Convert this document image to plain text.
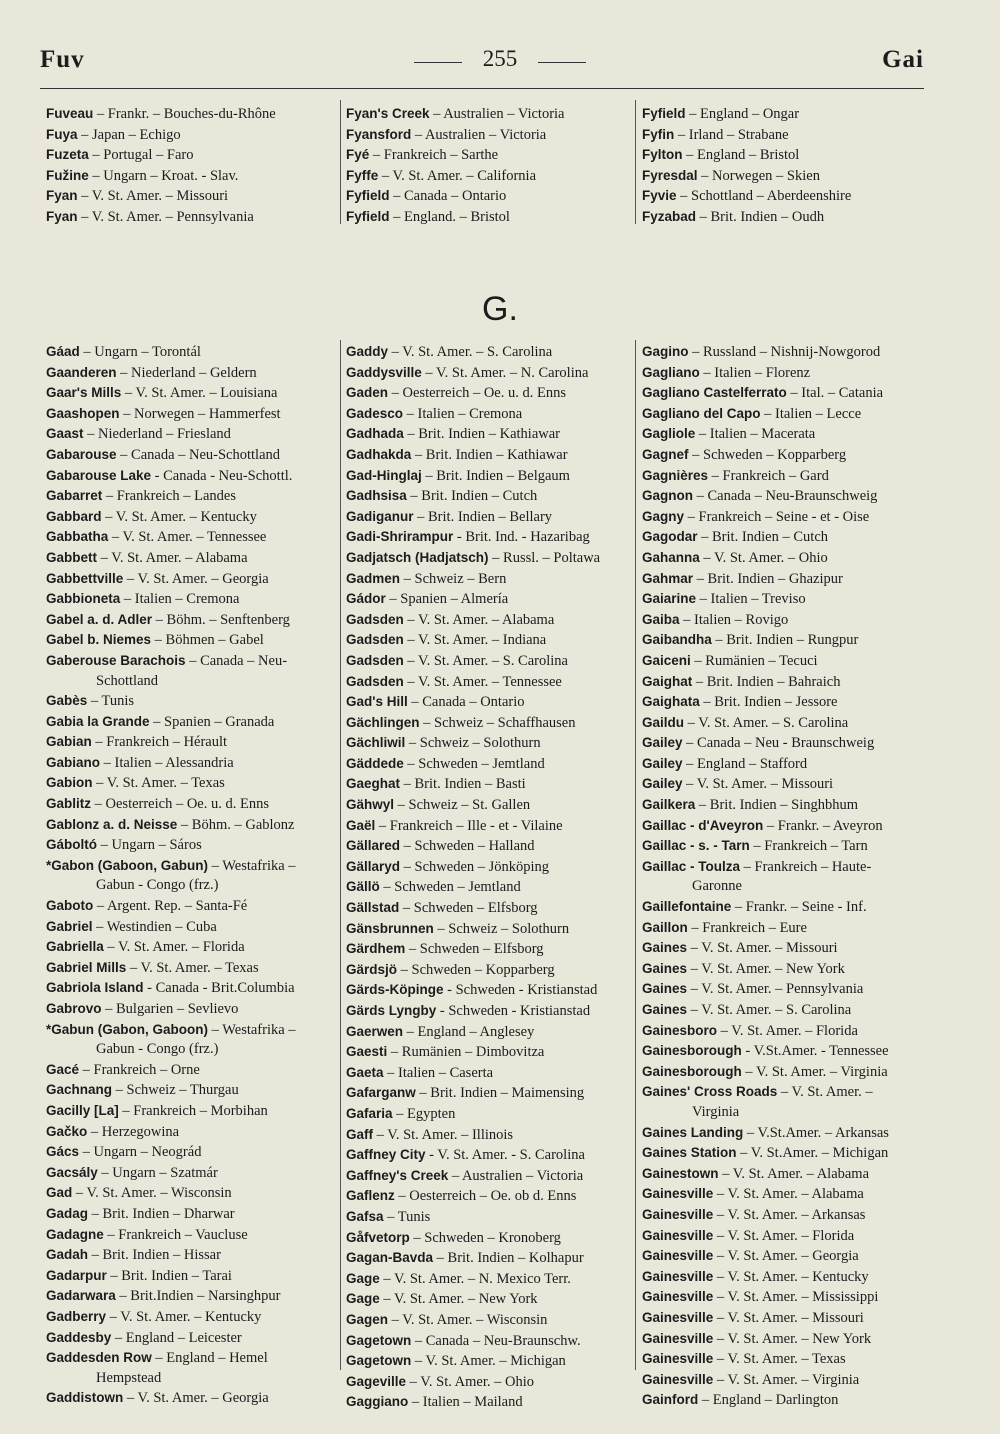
Fuv	255	Gai
Fuveau – Frankr. – Bouches-du-Rhône
Fuya – Japan – Echigo
Fuzeta – Portugal – Faro
Fužine – Ungarn – Kroat. - Slav.
Fyan – V. St. Amer. – Missouri
Fyan – V. St. Amer. – Pennsylvania
Fyan's Creek – Australien – Victoria
Fyansford – Australien – Victoria
Fyé – Frankreich – Sarthe
Fyffe – V. St. Amer. – California
Fyfield – Canada – Ontario
Fyfield – England. – Bristol
Fyfield – England – Ongar
Fyfin – Irland – Strabane
Fylton – England – Bristol
Fyresdal – Norwegen – Skien
Fyvie – Schottland – Aberdeenshire
Fyzabad – Brit. Indien – Oudh
G.
Gáad – Ungarn – Torontál
Gaanderen – Niederland – Geldern
Gaar's Mills – V. St. Amer. – Louisiana
Gaashopen – Norwegen – Hammerfest
Gaast – Niederland – Friesland
Gabarouse – Canada – Neu-Schottland
Gabarouse Lake - Canada - Neu-Schottl.
Gabarret – Frankreich – Landes
Gabbard – V. St. Amer. – Kentucky
Gabbatha – V. St. Amer. – Tennessee
Gabbett – V. St. Amer. – Alabama
Gabbettville – V. St. Amer. – Georgia
Gabbioneta – Italien – Cremona
Gabel a. d. Adler – Böhm. – Senftenberg
Gabel b. Niemes – Böhmen – Gabel
Gaberouse Barachois – Canada – Neu-
Schottland
Gabès – Tunis
Gabia la Grande – Spanien – Granada
Gabian – Frankreich – Hérault
Gabiano – Italien – Alessandria
Gabion – V. St. Amer. – Texas
Gablitz – Oesterreich – Oe. u. d. Enns
Gablonz a. d. Neisse – Böhm. – Gablonz
Gáboltó – Ungarn – Sáros
*Gabon (Gaboon, Gabun) – Westafrika –
Gabun - Congo (frz.)
Gaboto – Argent. Rep. – Santa-Fé
Gabriel – Westindien – Cuba
Gabriella – V. St. Amer. – Florida
Gabriel Mills – V. St. Amer. – Texas
Gabriola Island - Canada - Brit.Columbia
Gabrovo – Bulgarien – Sevlievo
*Gabun (Gabon, Gaboon) – Westafrika –
Gabun - Congo (frz.)
Gacé – Frankreich – Orne
Gachnang – Schweiz – Thurgau
Gacilly [La] – Frankreich – Morbihan
Gačko – Herzegowina
Gács – Ungarn – Neográd
Gacsály – Ungarn – Szatmár
Gad – V. St. Amer. – Wisconsin
Gadag – Brit. Indien – Dharwar
Gadagne – Frankreich – Vaucluse
Gadah – Brit. Indien – Hissar
Gadarpur – Brit. Indien – Tarai
Gadarwara – Brit.Indien – Narsinghpur
Gadberry – V. St. Amer. – Kentucky
Gaddesby – England – Leicester
Gaddesden Row – England – Hemel
Hempstead
Gaddistown – V. St. Amer. – Georgia
Gaddy – V. St. Amer. – S. Carolina
Gaddysville – V. St. Amer. – N. Carolina
Gaden – Oesterreich – Oe. u. d. Enns
Gadesco – Italien – Cremona
Gadhada – Brit. Indien – Kathiawar
Gadhakda – Brit. Indien – Kathiawar
Gad-Hinglaj – Brit. Indien – Belgaum
Gadhsisa – Brit. Indien – Cutch
Gadiganur – Brit. Indien – Bellary
Gadi-Shrirampur - Brit. Ind. - Hazaribag
Gadjatsch (Hadjatsch) – Russl. – Poltawa
Gadmen – Schweiz – Bern
Gádor – Spanien – Almería
Gadsden – V. St. Amer. – Alabama
Gadsden – V. St. Amer. – Indiana
Gadsden – V. St. Amer. – S. Carolina
Gadsden – V. St. Amer. – Tennessee
Gad's Hill – Canada – Ontario
Gächlingen – Schweiz – Schaffhausen
Gächliwil – Schweiz – Solothurn
Gäddede – Schweden – Jemtland
Gaeghat – Brit. Indien – Basti
Gähwyl – Schweiz – St. Gallen
Gaël – Frankreich – Ille - et - Vilaine
Gällared – Schweden – Halland
Gällaryd – Schweden – Jönköping
Gällö – Schweden – Jemtland
Gällstad – Schweden – Elfsborg
Gänsbrunnen – Schweiz – Solothurn
Gärdhem – Schweden – Elfsborg
Gärdsjö – Schweden – Kopparberg
Gärds-Köpinge - Schweden - Kristianstad
Gärds Lyngby - Schweden - Kristianstad
Gaerwen – England – Anglesey
Gaesti – Rumänien – Dimbovitza
Gaeta – Italien – Caserta
Gafarganw – Brit. Indien – Maimensing
Gafaria – Egypten
Gaff – V. St. Amer. – Illinois
Gaffney City - V. St. Amer. - S. Carolina
Gaffney's Creek – Australien – Victoria
Gaflenz – Oesterreich – Oe. ob d. Enns
Gafsa – Tunis
Gåfvetorp – Schweden – Kronoberg
Gagan-Bavda – Brit. Indien – Kolhapur
Gage – V. St. Amer. – N. Mexico Terr.
Gage – V. St. Amer. – New York
Gagen – V. St. Amer. – Wisconsin
Gagetown – Canada – Neu-Braunschw.
Gagetown – V. St. Amer. – Michigan
Gageville – V. St. Amer. – Ohio
Gaggiano – Italien – Mailand
Gagino – Russland – Nishnij-Nowgorod
Gagliano – Italien – Florenz
Gagliano Castelferrato – Ital. – Catania
Gagliano del Capo – Italien – Lecce
Gagliole – Italien – Macerata
Gagnef – Schweden – Kopparberg
Gagnières – Frankreich – Gard
Gagnon – Canada – Neu-Braunschweig
Gagny – Frankreich – Seine - et - Oise
Gagodar – Brit. Indien – Cutch
Gahanna – V. St. Amer. – Ohio
Gahmar – Brit. Indien – Ghazipur
Gaiarine – Italien – Treviso
Gaiba – Italien – Rovigo
Gaibandha – Brit. Indien – Rungpur
Gaiceni – Rumänien – Tecuci
Gaighat – Brit. Indien – Bahraich
Gaighata – Brit. Indien – Jessore
Gaildu – V. St. Amer. – S. Carolina
Gailey – Canada – Neu - Braunschweig
Gailey – England – Stafford
Gailey – V. St. Amer. – Missouri
Gailkera – Brit. Indien – Singhbhum
Gaillac - d'Aveyron – Frankr. – Aveyron
Gaillac - s. - Tarn – Frankreich – Tarn
Gaillac - Toulza – Frankreich – Haute-
Garonne
Gaillefontaine – Frankr. – Seine - Inf.
Gaillon – Frankreich – Eure
Gaines – V. St. Amer. – Missouri
Gaines – V. St. Amer. – New York
Gaines – V. St. Amer. – Pennsylvania
Gaines – V. St. Amer. – S. Carolina
Gainesboro – V. St. Amer. – Florida
Gainesborough - V.St.Amer. - Tennessee
Gainesborough – V. St. Amer. – Virginia
Gaines' Cross Roads – V. St. Amer. –
Virginia
Gaines Landing – V.St.Amer. – Arkansas
Gaines Station – V. St.Amer. – Michigan
Gainestown – V. St. Amer. – Alabama
Gainesville – V. St. Amer. – Alabama
Gainesville – V. St. Amer. – Arkansas
Gainesville – V. St. Amer. – Florida
Gainesville – V. St. Amer. – Georgia
Gainesville – V. St. Amer. – Kentucky
Gainesville – V. St. Amer. – Mississippi
Gainesville – V. St. Amer. – Missouri
Gainesville – V. St. Amer. – New York
Gainesville – V. St. Amer. – Texas
Gainesville – V. St. Amer. – Virginia
Gainford – England – Darlington
